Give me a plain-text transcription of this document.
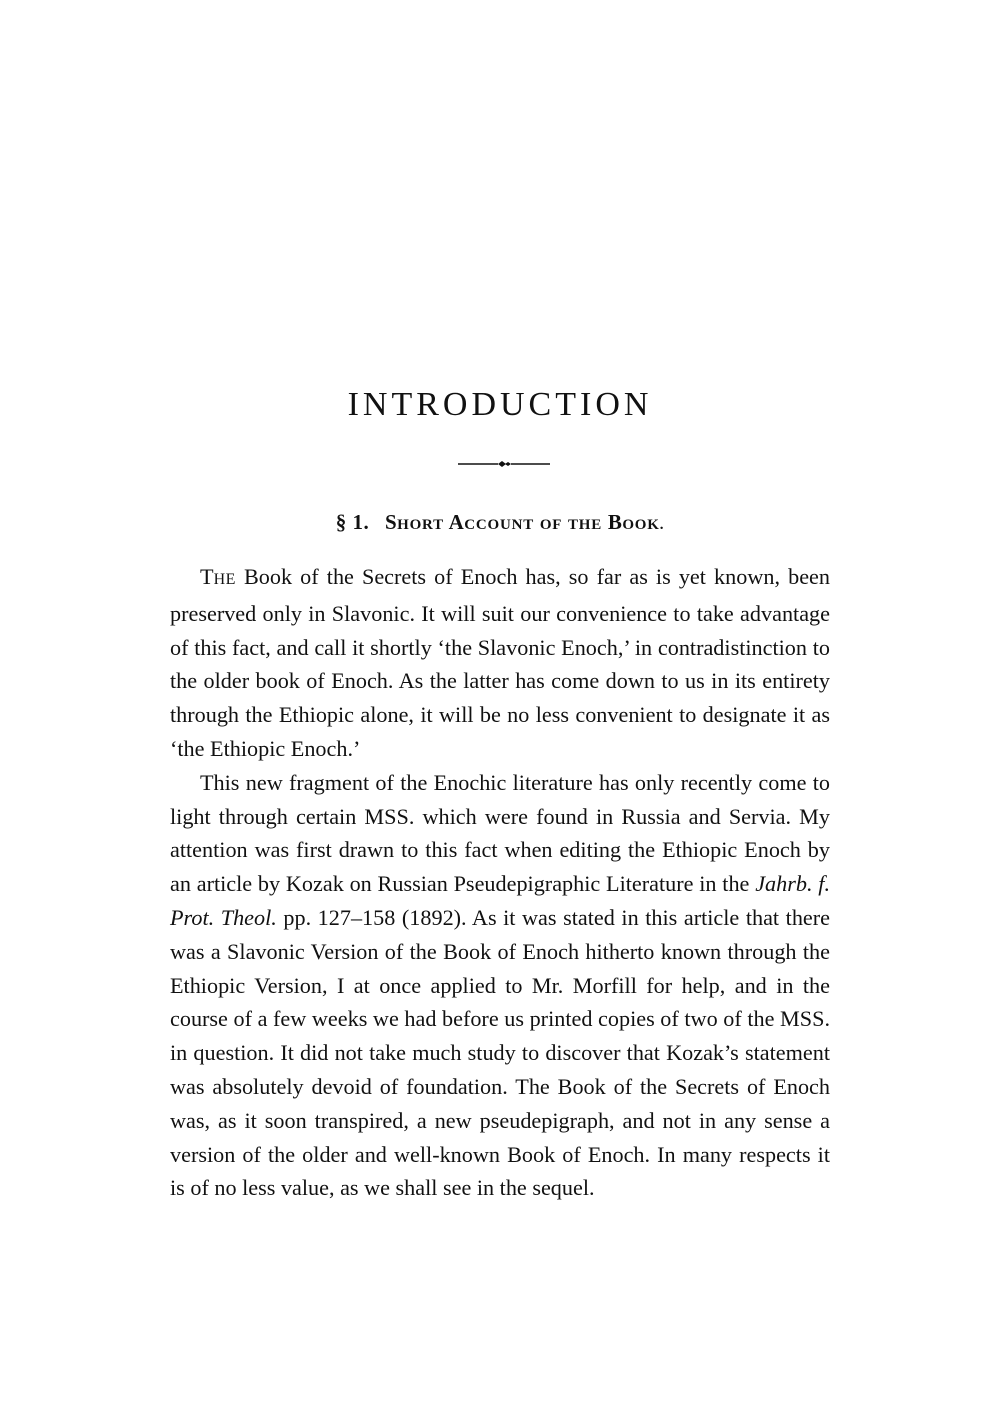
INTRODUCTION
§ 1. SHORT ACCOUNT OF THE BOOK.

THE Book of the Secrets of Enoch has, so far as is yet known, been preserved only in Slavonic. It will suit our convenience to take advantage of this fact, and call it shortly ‘the Slavonic Enoch,’ in contradistinction to the older book of Enoch. As the latter has come down to us in its entirety through the Ethiopic alone, it will be no less convenient to designate it as ‘the Ethiopic Enoch.’

This new fragment of the Enochic literature has only recently come to light through certain MSS. which were found in Russia and Servia. My attention was first drawn to this fact when editing the Ethiopic Enoch by an article by Kozak on Russian Pseudepigraphic Literature in the Jahrb. f. Prot. Theol. pp. 127–158 (1892). As it was stated in this article that there was a Slavonic Version of the Book of Enoch hitherto known through the Ethiopic Version, I at once applied to Mr. Morfill for help, and in the course of a few weeks we had before us printed copies of two of the MSS. in question. It did not take much study to discover that Kozak’s statement was absolutely devoid of foundation. The Book of the Secrets of Enoch was, as it soon transpired, a new pseudepigraph, and not in any sense a version of the older and well-known Book of Enoch. In many respects it is of no less value, as we shall see in the sequel.
